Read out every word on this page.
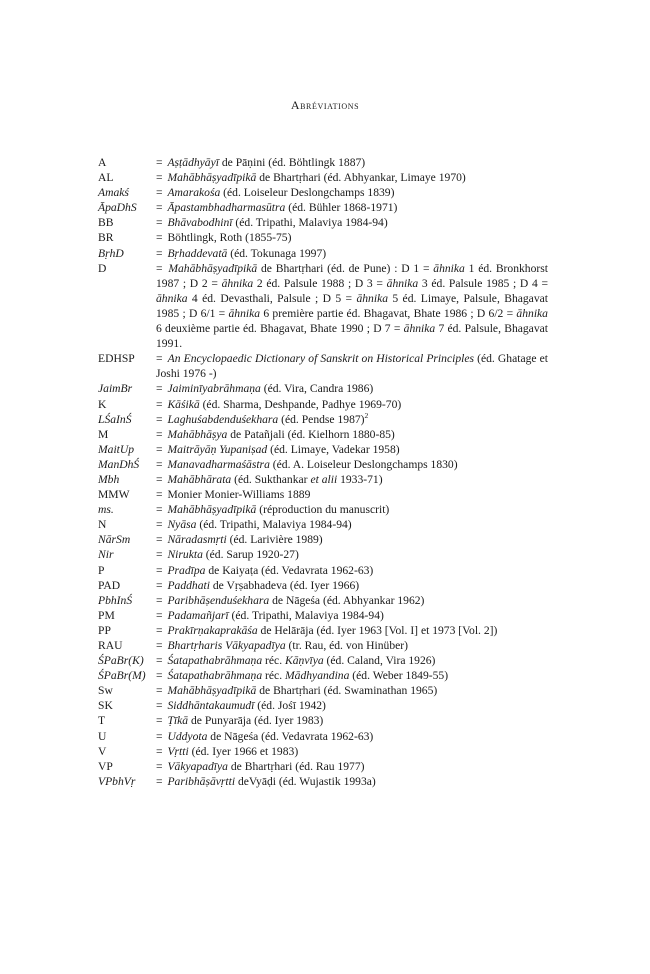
Abréviations
A	= Aṣṭādhyāyī de Pāṇini (éd. Böhtlingk 1887)
AL	= Mahābhāṣyadīpikā de Bhartṛhari (éd. Abhyankar, Limaye 1970)
Amakś	= Amarakośa (éd. Loiseleur Deslongchamps 1839)
ĀpaDhS	= Āpastambhadharmasūtra (éd. Bühler 1868-1971)
BB	= Bhāvabodhinī (éd. Tripathi, Malaviya 1984-94)
BR	= Böhtlingk, Roth (1855-75)
BṛhD	= Bṛhaddevatā (éd. Tokunaga 1997)
D	= Mahābhāṣyadīpikā de Bhartṛhari (éd. de Pune) : D 1 = āhnika 1 éd. Bronkhorst 1987 ; D 2 = āhnika 2 éd. Palsule 1988 ; D 3 = āhnika 3 éd. Palsule 1985 ; D 4 = āhnika 4 éd. Devasthali, Palsule ; D 5 = āhnika 5 éd. Limaye, Palsule, Bhagavat 1985 ; D 6/1 = āhnika 6 première partie éd. Bhagavat, Bhate 1986 ; D 6/2 = āhnika 6 deuxième partie éd. Bhagavat, Bhate 1990 ; D 7 = āhnika 7 éd. Palsule, Bhagavat 1991.
EDHSP	= An Encyclopaedic Dictionary of Sanskrit on Historical Principles (éd. Ghatage et Joshi 1976 -)
JaimBr	= Jaiminīyabrāhmaṇa (éd. Vira, Candra 1986)
K	= Kāśikā (éd. Sharma, Deshpande, Padhye 1969-70)
LŚaInŚ	= Laghuśabdenduśekhara (éd. Pendse 1987)$^2$
M	= Mahābhāṣya de Patañjali (éd. Kielhorn 1880-85)
MaitUp	= Maitrāyāṇ Yupaniṣad (éd. Limaye, Vadekar 1958)
ManDhŚ	= Manavadharmaśāstra (éd. A. Loiseleur Deslongchamps 1830)
Mbh	= Mahābhārata (éd. Sukthankar et alii 1933-71)
MMW	= Monier Monier-Williams 1889
ms.	= Mahābhāṣyadīpikā (réproduction du manuscrit)
N	= Nyāsa (éd. Tripathi, Malaviya 1984-94)
NārSm	= Nāradasmṛti (éd. Larivière 1989)
Nir	= Nirukta (éd. Sarup 1920-27)
P	= Pradīpa de Kaiyaṭa (éd. Vedavrata 1962-63)
PAD	= Paddhati de Vṛṣabhadeva (éd. Iyer 1966)
PbhInŚ	= Paribhāṣenduśekhara de Nāgeśa (éd. Abhyankar 1962)
PM	= Padamañjarī (éd. Tripathi, Malaviya 1984-94)
PP	= Prakīrṇakaprakāśa de Helārāja (éd. Iyer 1963 [Vol. I] et 1973 [Vol. 2])
RAU	= Bhartṛharis Vākyapadīya (tr. Rau, éd. von Hinüber)
ŚPaBr(K)	= Śatapathabrāhmaṇa réc. Kāṇvīya (éd. Caland, Vira 1926)
ŚPaBr(M) = Śatapathabrāhmaṇa réc. Mādhyandina (éd. Weber 1849-55)
Sw	= Mahābhāṣyadīpikā de Bhartṛhari (éd. Swaminathan 1965)
SK	= Siddhāntakaumudī (éd. Jośī 1942)
T	= Ṭīkā de Punyarāja (éd. Iyer 1983)
U	= Uddyota de Nāgeśa (éd. Vedavrata 1962-63)
V	= Vṛtti (éd. Iyer 1966 et 1983)
VP	= Vākyapadīya de Bhartṛhari (éd. Rau 1977)
VPbhVṛ	= Paribhāṣāvṛtti deVyāḍi (éd. Wujastik 1993a)
